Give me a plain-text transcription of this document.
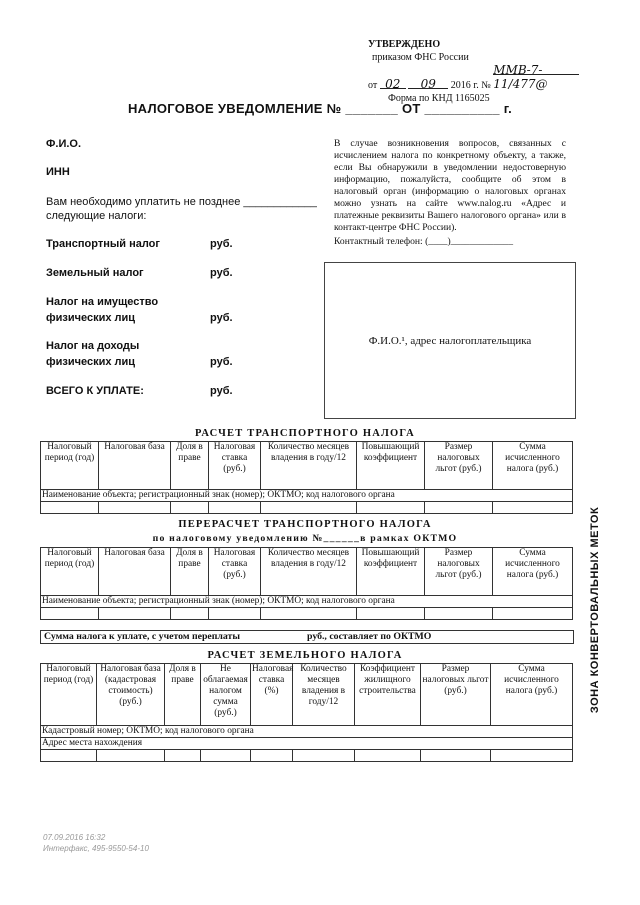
УТВЕРЖДЕНО
приказом ФНС России
от 02 09 2016 г. № ММВ-7-11/477@
Форма по КНД 1165025
НАЛОГОВОЕ УВЕДОМЛЕНИЕ № _______ ОТ __________ г.
Ф.И.О.
ИНН
Вам необходимо уплатить не позднее ____________
следующие налоги:
Транспортный налог	руб.
Земельный налог	руб.
Налог на имущество
физических лиц	руб.
Налог на доходы
физических лиц	руб.
ВСЕГО К УПЛАТЕ:	руб.
В случае возникновения вопросов, связанных с исчислением налога по конкретному объекту, а также, если Вы обнаружили в уведомлении недостоверную информацию, пожалуйста, сообщите об этом в налоговый орган (информацию о налоговых органах можно узнать на сайте www.nalog.ru «Адрес и платежные реквизиты Вашего налогового органа» или в контакт-центре ФНС России).
Контактный телефон: (____)_____________
Ф.И.О.¹, адрес налогоплательщика
РАСЧЕТ ТРАНСПОРТНОГО НАЛОГА
Налоговый период (год)	Налоговая база	Доля в праве	Налоговая ставка (руб.)	Количество месяцев владения в году/12	Повышающий коэффициент	Размер налоговых льгот (руб.)	Сумма исчисленного налога (руб.)
Наименование объекта; регистрационный знак (номер); ОКТМО; код налогового органа							

ПЕРЕРАСЧЕТ ТРАНСПОРТНОГО НАЛОГА
по налоговому уведомлению №______в рамках ОКТМО
Налоговый период (год)	Налоговая база	Доля в праве	Налоговая ставка (руб.)	Количество месяцев владения в году/12	Повышающий коэффициент	Размер налоговых льгот (руб.)	Сумма исчисленного налога (руб.)
Наименование объекта; регистрационный знак (номер); ОКТМО; код налогового органа							

Сумма налога к уплате, с учетом переплаты	руб., составляет по ОКТМО
РАСЧЕТ ЗЕМЕЛЬНОГО НАЛОГА
Налоговый период (год)	Налоговая база (кадастровая стоимость) (руб.)	Доля в праве	Не облагаемая налогом сумма (руб.)	Налоговая ставка (%)	Количество месяцев владения в году/12	Коэффициент жилищного строительства	Размер налоговых льгот (руб.)	Сумма исчисленного налога (руб.)
Кадастровый номер; ОКТМО; код налогового органа								
Адрес места нахождения								

ЗОНА КОНВЕРТОВАЛЬНЫХ МЕТОК
07.09.2016 16:32
Интерфакс, 495-9550-54-10
